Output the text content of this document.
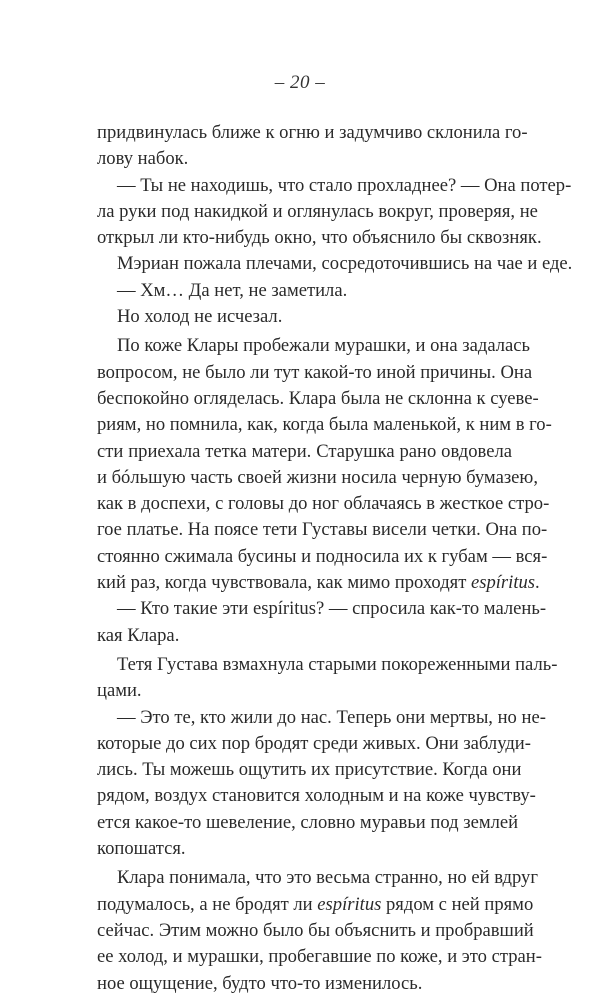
– 20 –
придвинулась ближе к огню и задумчиво склонила го-
лову набок.
— Ты не находишь, что стало прохладнее? — Она потер-
ла руки под накидкой и оглянулась вокруг, проверяя, не
открыл ли кто-нибудь окно, что объяснило бы сквозняк.
Мэриан пожала плечами, сосредоточившись на чае и еде.
— Хм… Да нет, не заметила.
Но холод не исчезал.
По коже Клары пробежали мурашки, и она задалась
вопросом, не было ли тут какой-то иной причины. Она
беспокойно огляделась. Клара была не склонна к суеве-
риям, но помнила, как, когда была маленькой, к ним в го-
сти приехала тетка матери. Старушка рано овдовела
и бóльшую часть своей жизни носила черную бумазею,
как в доспехи, с головы до ног облачаясь в жесткое стро-
гое платье. На поясе тети Густавы висели четки. Она по-
стоянно сжимала бусины и подносила их к губам — вся-
кий раз, когда чувствовала, как мимо проходят espíritus.
— Кто такие эти espíritus? — спросила как-то малень-
кая Клара.
Тетя Густава взмахнула старыми покореженными паль-
цами.
— Это те, кто жили до нас. Теперь они мертвы, но не-
которые до сих пор бродят среди живых. Они заблуди-
лись. Ты можешь ощутить их присутствие. Когда они
рядом, воздух становится холодным и на коже чувству-
ется какое-то шевеление, словно муравьи под землей
копошатся.
Клара понимала, что это весьма странно, но ей вдруг
подумалось, а не бродят ли espíritus рядом с ней прямо
сейчас. Этим можно было бы объяснить и пробравший
ее холод, и мурашки, пробегавшие по коже, и это стран-
ное ощущение, будто что-то изменилось.
